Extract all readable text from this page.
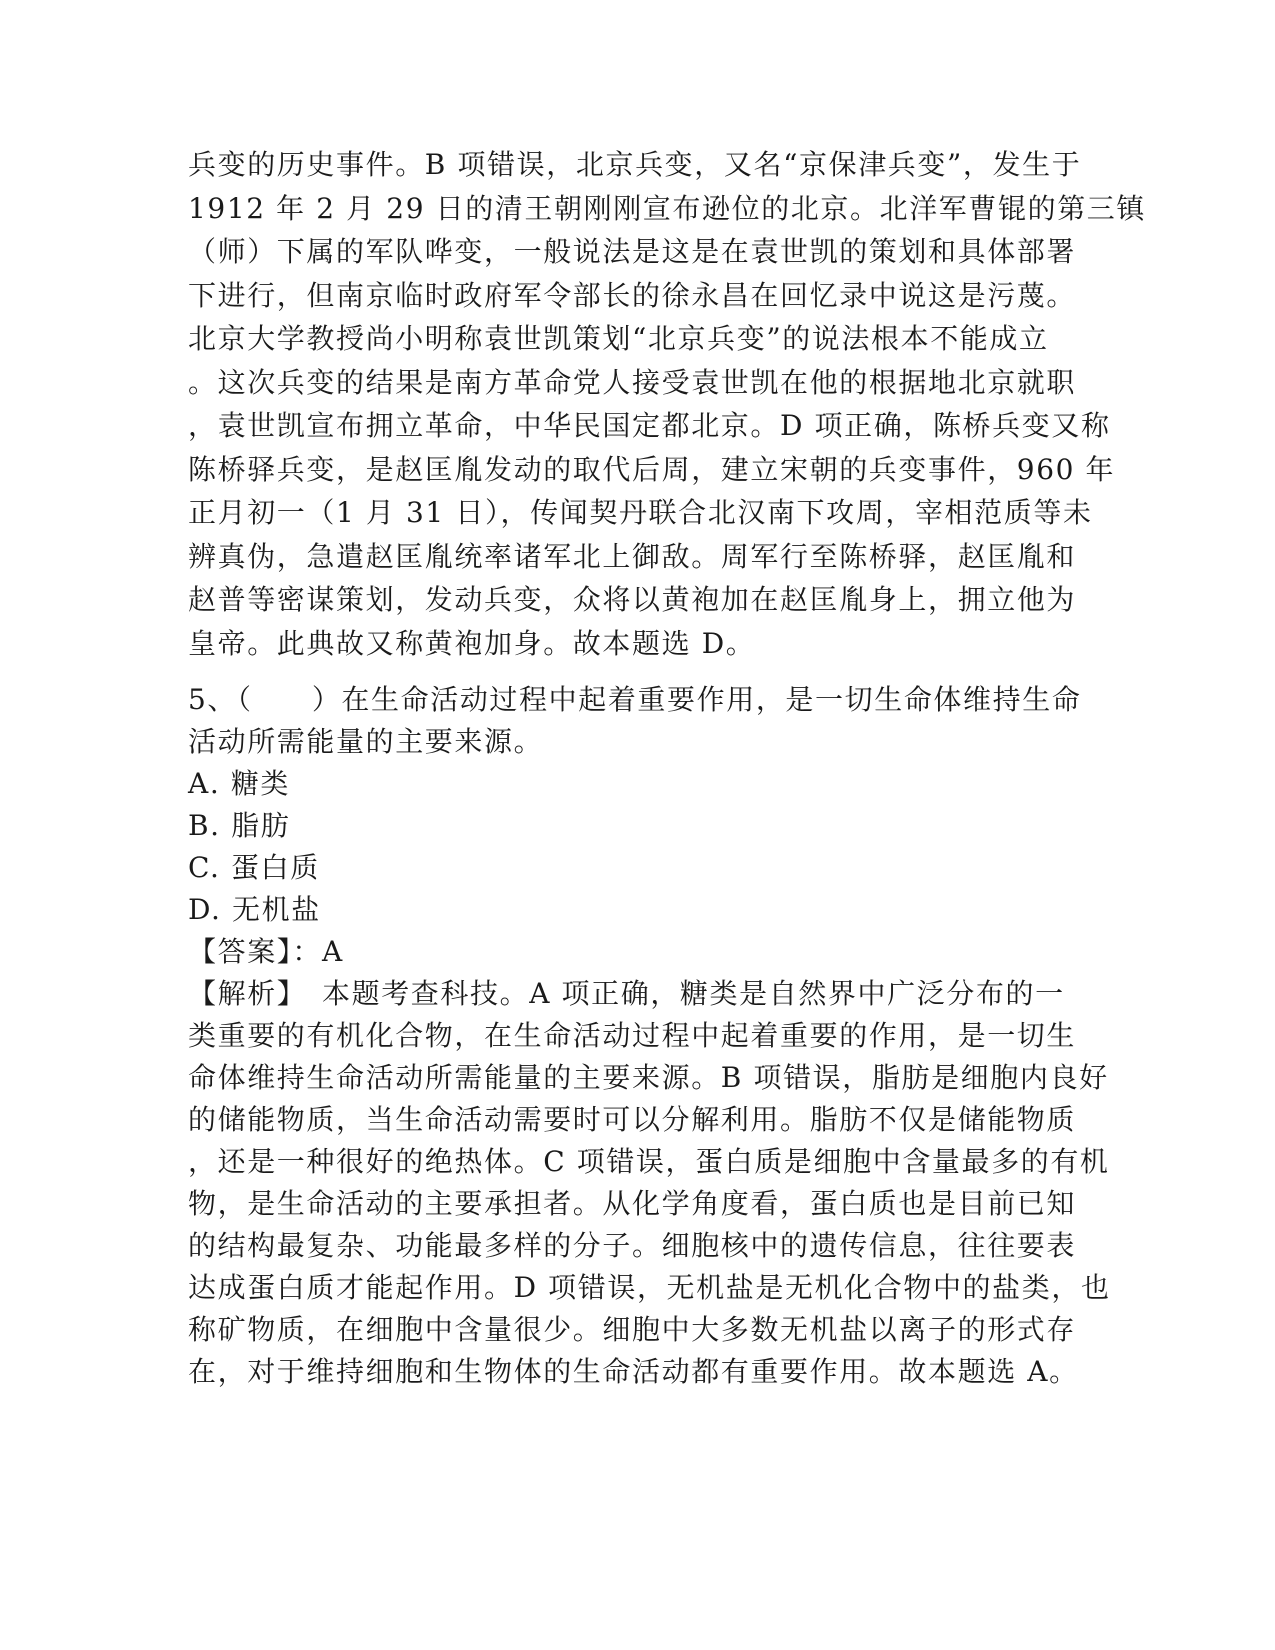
兵变的历史事件。B 项错误，北京兵变，又名“京保津兵变”，发生于
1912 年 2 月 29 日的清王朝刚刚宣布逊位的北京。北洋军曹锟的第三镇
（师）下属的军队哗变，一般说法是这是在袁世凯的策划和具体部署
下进行，但南京临时政府军令部长的徐永昌在回忆录中说这是污蔑。
北京大学教授尚小明称袁世凯策划“北京兵变”的说法根本不能成立
。这次兵变的结果是南方革命党人接受袁世凯在他的根据地北京就职
，袁世凯宣布拥立革命，中华民国定都北京。D 项正确，陈桥兵变又称
陈桥驿兵变，是赵匡胤发动的取代后周，建立宋朝的兵变事件，960 年
正月初一（1 月 31 日），传闻契丹联合北汉南下攻周，宰相范质等未
辨真伪，急遣赵匡胤统率诸军北上御敌。周军行至陈桥驿，赵匡胤和
赵普等密谋策划，发动兵变，众将以黄袍加在赵匡胤身上，拥立他为
皇帝。此典故又称黄袍加身。故本题选 D。
5、（　　）在生命活动过程中起着重要作用，是一切生命体维持生命
活动所需能量的主要来源。
A. 糖类
B. 脂肪
C. 蛋白质
D. 无机盐
【答案】：A
【解析】　本题考查科技。A 项正确，糖类是自然界中广泛分布的一
类重要的有机化合物，在生命活动过程中起着重要的作用，是一切生
命体维持生命活动所需能量的主要来源。B 项错误，脂肪是细胞内良好
的储能物质，当生命活动需要时可以分解利用。脂肪不仅是储能物质
，还是一种很好的绝热体。C 项错误，蛋白质是细胞中含量最多的有机
物，是生命活动的主要承担者。从化学角度看，蛋白质也是目前已知
的结构最复杂、功能最多样的分子。细胞核中的遗传信息，往往要表
达成蛋白质才能起作用。D 项错误，无机盐是无机化合物中的盐类，也
称矿物质，在细胞中含量很少。细胞中大多数无机盐以离子的形式存
在，对于维持细胞和生物体的生命活动都有重要作用。故本题选 A。
